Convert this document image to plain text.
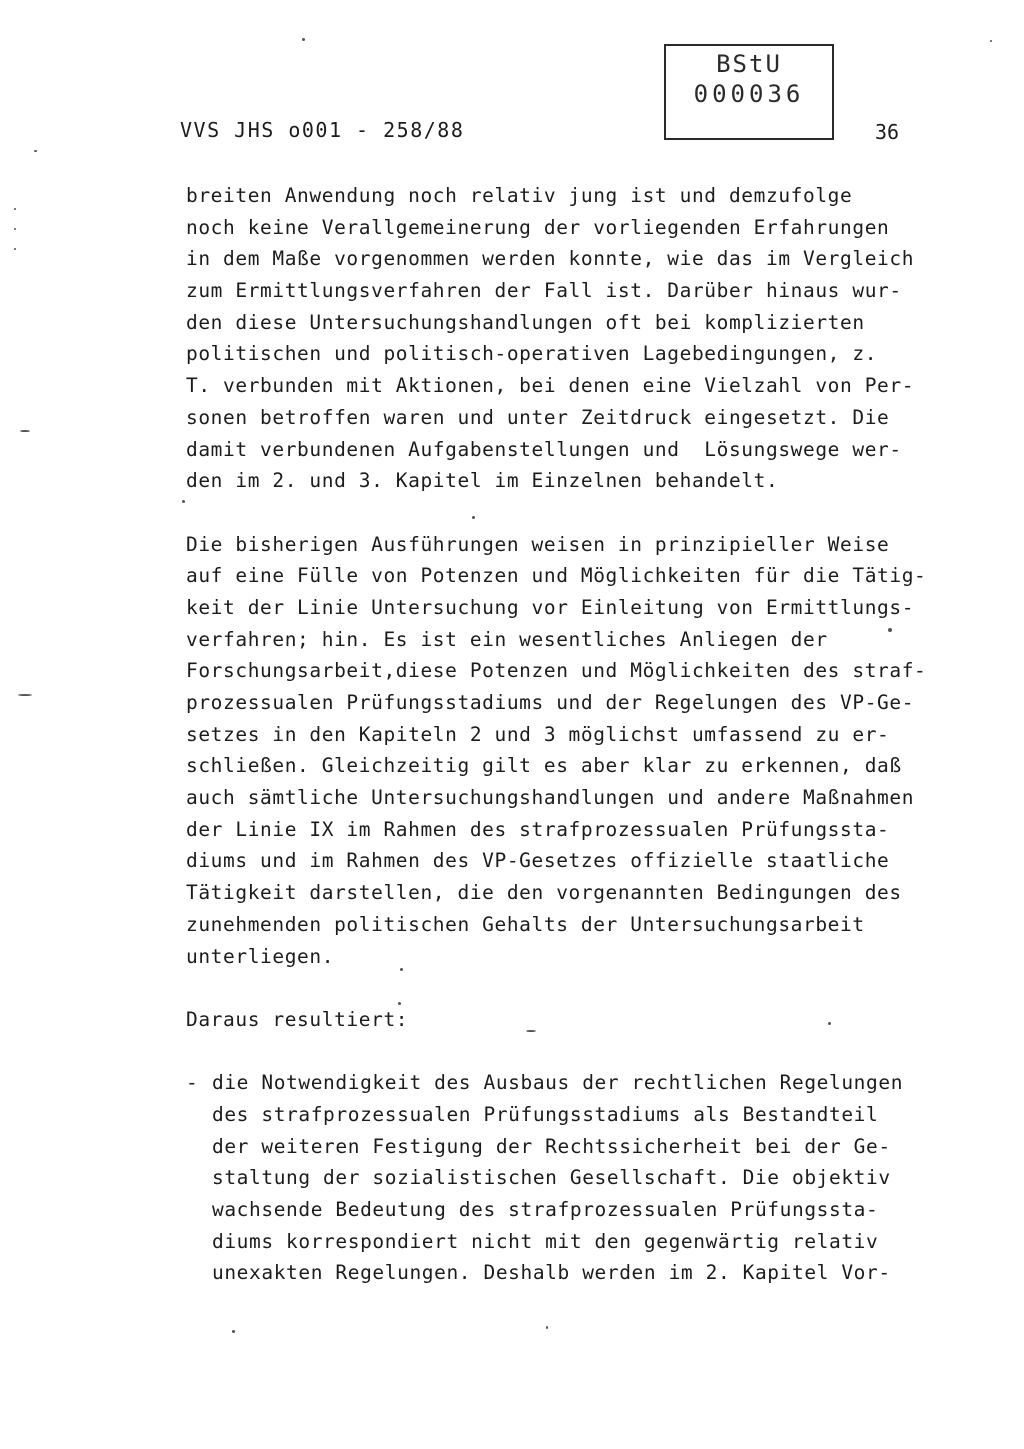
VVS JHS o001 - 258/88
BStU
000036
36
breiten Anwendung noch relativ jung ist und demzufolge
noch keine Verallgemeinerung der vorliegenden Erfahrungen
in dem Maße vorgenommen werden konnte, wie das im Vergleich
zum Ermittlungsverfahren der Fall ist. Darüber hinaus wur-
den diese Untersuchungshandlungen oft bei komplizierten
politischen und politisch-operativen Lagebedingungen, z.
T. verbunden mit Aktionen, bei denen eine Vielzahl von Per-
sonen betroffen waren und unter Zeitdruck eingesetzt. Die
damit verbundenen Aufgabenstellungen und  Lösungswege wer-
den im 2. und 3. Kapitel im Einzelnen behandelt.
Die bisherigen Ausführungen weisen in prinzipieller Weise
auf eine Fülle von Potenzen und Möglichkeiten für die Tätig-
keit der Linie Untersuchung vor Einleitung von Ermittlungs-
verfahren; hin. Es ist ein wesentliches Anliegen der
Forschungsarbeit,diese Potenzen und Möglichkeiten des straf-
prozessualen Prüfungsstadiums und der Regelungen des VP-Ge-
setzes in den Kapiteln 2 und 3 möglichst umfassend zu er-
schließen. Gleichzeitig gilt es aber klar zu erkennen, daß
auch sämtliche Untersuchungshandlungen und andere Maßnahmen
der Linie IX im Rahmen des strafprozessualen Prüfungssta-
diums und im Rahmen des VP-Gesetzes offizielle staatliche
Tätigkeit darstellen, die den vorgenannten Bedingungen des
zunehmenden politischen Gehalts der Untersuchungsarbeit
unterliegen.
Daraus resultiert:
- die Notwendigkeit des Ausbaus der rechtlichen Regelungen
des strafprozessualen Prüfungsstadiums als Bestandteil
der weiteren Festigung der Rechtssicherheit bei der Ge-
staltung der sozialistischen Gesellschaft. Die objektiv
wachsende Bedeutung des strafprozessualen Prüfungssta-
diums korrespondiert nicht mit den gegenwärtig relativ
unexakten Regelungen. Deshalb werden im 2. Kapitel Vor-
